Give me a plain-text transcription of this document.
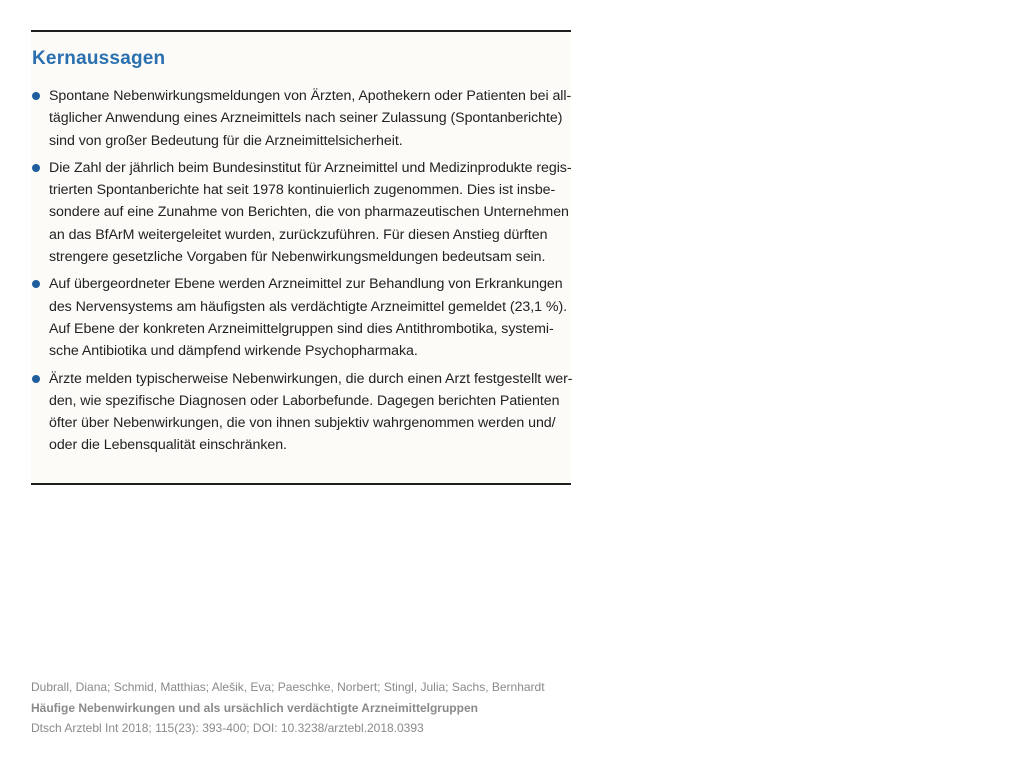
Kernaussagen
Spontane Nebenwirkungsmeldungen von Ärzten, Apothekern oder Patienten bei all-
täglicher Anwendung eines Arzneimittels nach seiner Zulassung (Spontanberichte)
sind von großer Bedeutung für die Arzneimittelsicherheit.
Die Zahl der jährlich beim Bundesinstitut für Arzneimittel und Medizinprodukte regis-
trierten Spontanberichte hat seit 1978 kontinuierlich zugenommen. Dies ist insbe-
sondere auf eine Zunahme von Berichten, die von pharmazeutischen Unternehmen
an das BfArM weitergeleitet wurden, zurückzuführen. Für diesen Anstieg dürften
strengere gesetzliche Vorgaben für Nebenwirkungsmeldungen bedeutsam sein.
Auf übergeordneter Ebene werden Arzneimittel zur Behandlung von Erkrankungen
des Nervensystems am häufigsten als verdächtigte Arzneimittel gemeldet (23,1 %).
Auf Ebene der konkreten Arzneimittelgruppen sind dies Antithrombotika, systemi-
sche Antibiotika und dämpfend wirkende Psychopharmaka.
Ärzte melden typischerweise Nebenwirkungen, die durch einen Arzt festgestellt wer-
den, wie spezifische Diagnosen oder Laborbefunde. Dagegen berichten Patienten
öfter über Nebenwirkungen, die von ihnen subjektiv wahrgenommen werden und/
oder die Lebensqualität einschränken.
Dubrall, Diana; Schmid, Matthias; Alešik, Eva; Paeschke, Norbert; Stingl, Julia; Sachs, Bernhardt
Häufige Nebenwirkungen und als ursächlich verdächtigte Arzneimittelgruppen
Dtsch Arztebl Int 2018; 115(23): 393-400; DOI: 10.3238/arztebl.2018.0393
